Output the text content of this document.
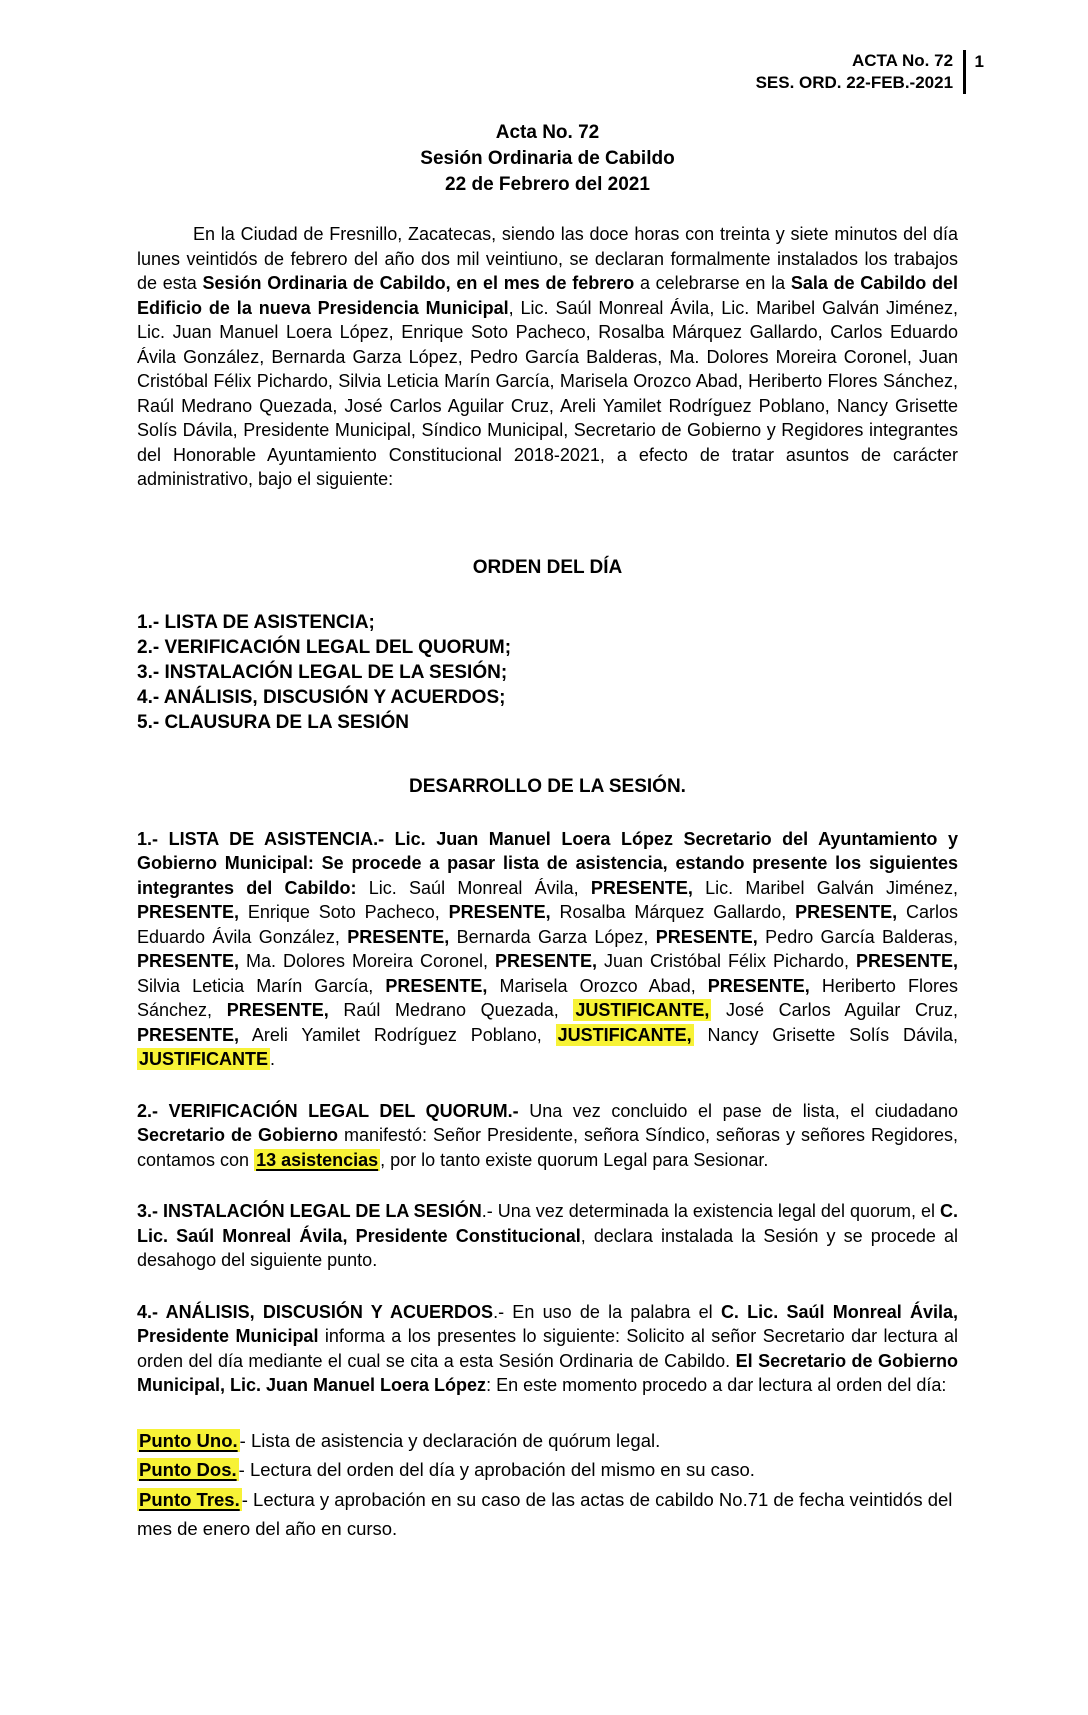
ACTA No. 72
SES. ORD. 22-FEB.-2021
1
Acta No. 72
Sesión Ordinaria de Cabildo
22 de Febrero del 2021

En la Ciudad de Fresnillo, Zacatecas, siendo las doce horas con treinta y siete minutos del día lunes veintidós de febrero del año dos mil veintiuno, se declaran formalmente instalados los trabajos de esta Sesión Ordinaria de Cabildo, en el mes de febrero a celebrarse en la Sala de Cabildo del Edificio de la nueva Presidencia Municipal, Lic. Saúl Monreal Ávila, Lic. Maribel Galván Jiménez, Lic. Juan Manuel Loera López, Enrique Soto Pacheco, Rosalba Márquez Gallardo, Carlos Eduardo Ávila González, Bernarda Garza López, Pedro García Balderas, Ma. Dolores Moreira Coronel, Juan Cristóbal Félix Pichardo, Silvia Leticia Marín García, Marisela Orozco Abad, Heriberto Flores Sánchez, Raúl Medrano Quezada, José Carlos Aguilar Cruz, Areli Yamilet Rodríguez Poblano, Nancy Grisette Solís Dávila, Presidente Municipal, Síndico Municipal, Secretario de Gobierno y Regidores integrantes del Honorable Ayuntamiento Constitucional 2018-2021, a efecto de tratar asuntos de carácter administrativo, bajo el siguiente:

ORDEN DEL DÍA
1.- LISTA DE ASISTENCIA;
2.- VERIFICACIÓN LEGAL DEL QUORUM;
3.- INSTALACIÓN LEGAL DE LA SESIÓN;
4.- ANÁLISIS, DISCUSIÓN Y ACUERDOS;
5.- CLAUSURA DE LA SESIÓN
DESARROLLO DE LA SESIÓN.

1.- LISTA DE ASISTENCIA.- Lic. Juan Manuel Loera López Secretario del Ayuntamiento y Gobierno Municipal: Se procede a pasar lista de asistencia, estando presente los siguientes integrantes del Cabildo: Lic. Saúl Monreal Ávila, PRESENTE, Lic. Maribel Galván Jiménez, PRESENTE, Enrique Soto Pacheco, PRESENTE, Rosalba Márquez Gallardo, PRESENTE, Carlos Eduardo Ávila González, PRESENTE, Bernarda Garza López, PRESENTE, Pedro García Balderas, PRESENTE, Ma. Dolores Moreira Coronel, PRESENTE, Juan Cristóbal Félix Pichardo, PRESENTE, Silvia Leticia Marín García, PRESENTE, Marisela Orozco Abad, PRESENTE, Heriberto Flores Sánchez, PRESENTE, Raúl Medrano Quezada, JUSTIFICANTE, José Carlos Aguilar Cruz, PRESENTE, Areli Yamilet Rodríguez Poblano, JUSTIFICANTE, Nancy Grisette Solís Dávila, JUSTIFICANTE .

2.- VERIFICACIÓN LEGAL DEL QUORUM.- Una vez concluido el pase de lista, el ciudadano Secretario de Gobierno manifestó: Señor Presidente, señora Síndico, señoras y señores Regidores, contamos con 13 asistencias , por lo tanto existe quorum Legal para Sesionar.

3.- INSTALACIÓN LEGAL DE LA SESIÓN.- Una vez determinada la existencia legal del quorum, el C. Lic. Saúl Monreal Ávila, Presidente Constitucional, declara instalada la Sesión y se procede al desahogo del siguiente punto.

4.- ANÁLISIS, DISCUSIÓN Y ACUERDOS.- En uso de la palabra el C. Lic. Saúl Monreal Ávila, Presidente Municipal informa a los presentes lo siguiente: Solicito al señor Secretario dar lectura al orden del día mediante el cual se cita a esta Sesión Ordinaria de Cabildo. El Secretario de Gobierno Municipal, Lic. Juan Manuel Loera López: En este momento procedo a dar lectura al orden del día:

Punto Uno. - Lista de asistencia y declaración de quórum legal.

Punto Dos. - Lectura del orden del día y aprobación del mismo en su caso.

Punto Tres. - Lectura y aprobación en su caso de las actas de cabildo No.71 de fecha veintidós del mes de enero del año en curso.
